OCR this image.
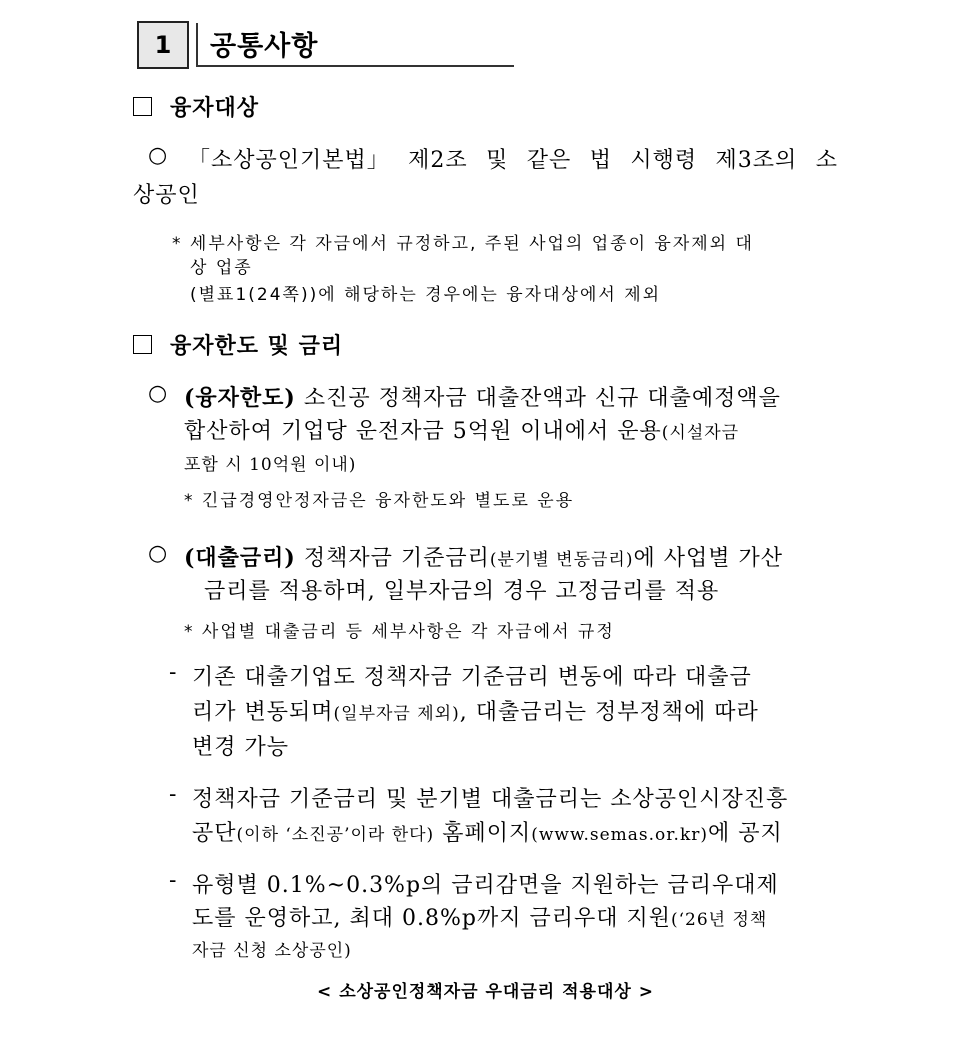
1	공통사항
융자대상
○ 「소상공인기본법」 제2조 및 같은 법 시행령 제3조의 소
상공인
* 세부사항은 각 자금에서 규정하고, 주된 사업의 업종이 융자제외 대
상 업종
(별표1(24쪽))에 해당하는 경우에는 융자대상에서 제외
융자한도 및 금리
○ (융자한도) 소진공 정책자금 대출잔액과 신규 대출예정액을
합산하여 기업당 운전자금 5억원 이내에서 운용(시설자금
포함 시 10억원 이내)
* 긴급경영안정자금은 융자한도와 별도로 운용
○ (대출금리) 정책자금 기준금리(분기별 변동금리)에 사업별 가산
금리를 적용하며, 일부자금의 경우 고정금리를 적용
* 사업별 대출금리 등 세부사항은 각 자금에서 규정
- 기존 대출기업도 정책자금 기준금리 변동에 따라 대출금
리가 변동되며(일부자금 제외), 대출금리는 정부정책에 따라
변경 가능
- 정책자금 기준금리 및 분기별 대출금리는 소상공인시장진흥
공단(이하 ‘소진공’이라 한다) 홈페이지(www.semas.or.kr)에 공지
- 유형별 0.1%~0.3%p의 금리감면을 지원하는 금리우대제
도를 운영하고, 최대 0.8%p까지 금리우대 지원(‘26년 정책
자금 신청 소상공인)
< 소상공인정책자금 우대금리 적용대상 >
